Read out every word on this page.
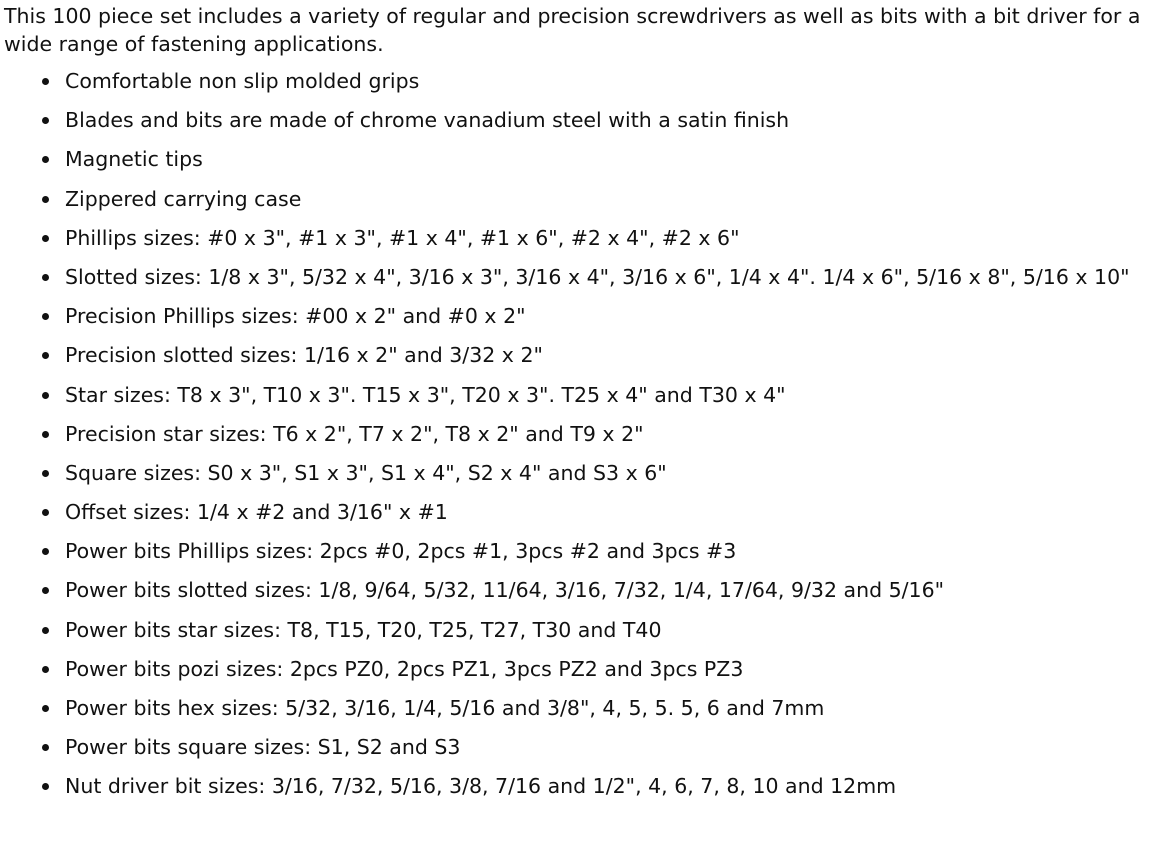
This 100 piece set includes a variety of regular and precision screwdrivers as well as bits with a bit driver for a wide range of fastening applications.

Comfortable non slip molded grips
Blades and bits are made of chrome vanadium steel with a satin finish
Magnetic tips
Zippered carrying case
Phillips sizes: #0 x 3", #1 x 3", #1 x 4", #1 x 6", #2 x 4", #2 x 6"
Slotted sizes: 1/8 x 3", 5/32 x 4", 3/16 x 3", 3/16 x 4", 3/16 x 6", 1/4 x 4". 1/4 x 6", 5/16 x 8", 5/16 x 10"
Precision Phillips sizes: #00 x 2" and #0 x 2"
Precision slotted sizes: 1/16 x 2" and 3/32 x 2"
Star sizes: T8 x 3", T10 x 3". T15 x 3", T20 x 3". T25 x 4" and T30 x 4"
Precision star sizes: T6 x 2", T7 x 2", T8 x 2" and T9 x 2"
Square sizes: S0 x 3", S1 x 3", S1 x 4", S2 x 4" and S3 x 6"
Offset sizes: 1/4 x #2 and 3/16" x #1
Power bits Phillips sizes: 2pcs #0, 2pcs #1, 3pcs #2 and 3pcs #3
Power bits slotted sizes: 1/8, 9/64, 5/32, 11/64, 3/16, 7/32, 1/4, 17/64, 9/32 and 5/16"
Power bits star sizes: T8, T15, T20, T25, T27, T30 and T40
Power bits pozi sizes: 2pcs PZ0, 2pcs PZ1, 3pcs PZ2 and 3pcs PZ3
Power bits hex sizes: 5/32, 3/16, 1/4, 5/16 and 3/8", 4, 5, 5. 5, 6 and 7mm
Power bits square sizes: S1, S2 and S3
Nut driver bit sizes: 3/16, 7/32, 5/16, 3/8, 7/16 and 1/2", 4, 6, 7, 8, 10 and 12mm
